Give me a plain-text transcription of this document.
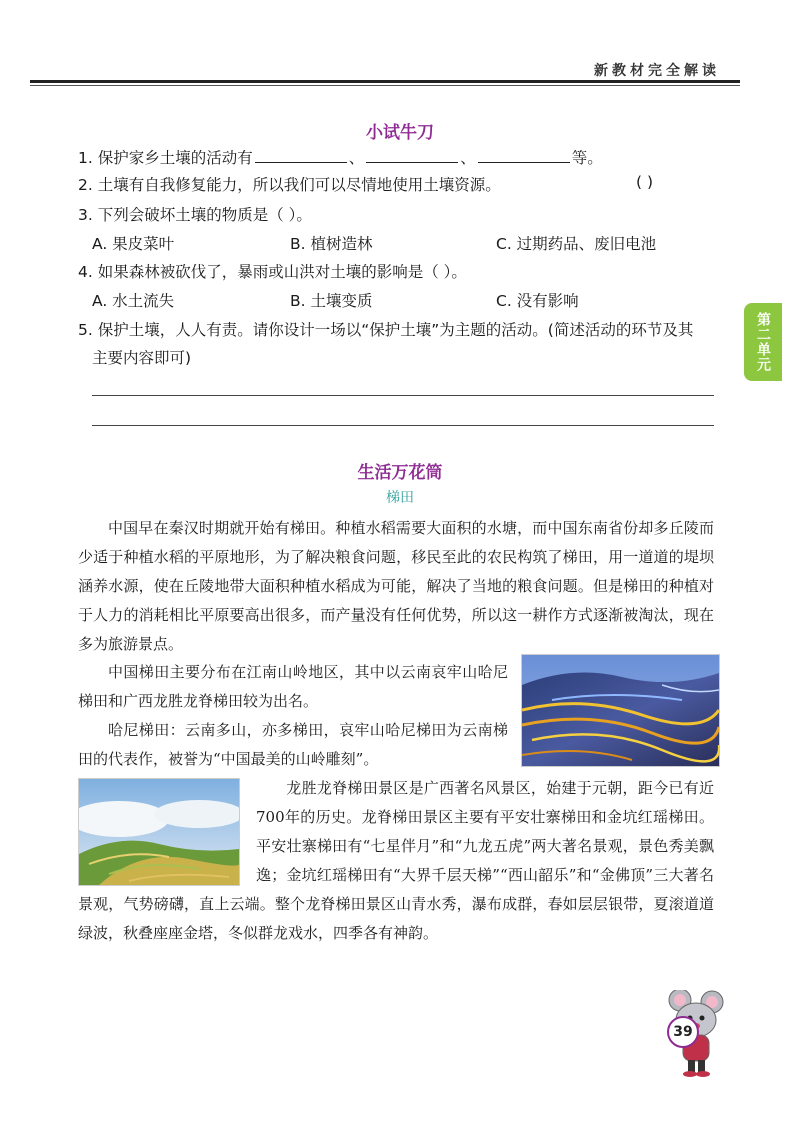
新教材完全解读
第二单元
小试牛刀
1. 保护家乡土壤的活动有	、	、	等。
2. 土壤有自我修复能力，所以我们可以尽情地使用土壤资源。	( )
3. 下列会破坏土壤的物质是（ ）。
A. 果皮菜叶	B. 植树造林	C. 过期药品、废旧电池
4. 如果森林被砍伐了，暴雨或山洪对土壤的影响是（ ）。
A. 水土流失	B. 土壤变质	C. 没有影响
5. 保护土壤，人人有责。请你设计一场以“保护土壤”为主题的活动。(简述活动的环节及其
主要内容即可)
生活万花筒
梯田

中国早在秦汉时期就开始有梯田。种植水稻需要大面积的水塘，而中国东南省份却多丘陵而少适于种植水稻的平原地形，为了解决粮食问题，移民至此的农民构筑了梯田，用一道道的堤坝涵养水源，使在丘陵地带大面积种植水稻成为可能，解决了当地的粮食问题。但是梯田的种植对于人力的消耗相比平原要高出很多，而产量没有任何优势，所以这一耕作方式逐渐被淘汰，现在多为旅游景点。

中国梯田主要分布在江南山岭地区，其中以云南哀牢山哈尼梯田和广西龙胜龙脊梯田较为出名。

哈尼梯田：云南多山，亦多梯田，哀牢山哈尼梯田为云南梯田的代表作，被誉为“中国最美的山岭雕刻”。

龙胜龙脊梯田景区是广西著名风景区，始建于元朝，距今已有近700年的历史。龙脊梯田景区主要有平安壮寨梯田和金坑红瑶梯田。平安壮寨梯田有“七星伴月”和“九龙五虎”两大著名景观，景色秀美飘逸；金坑红瑶梯田有“大界千层天梯”“西山韶乐”和“金佛顶”三大著名景观，气势磅礴，直上云端。整个龙脊梯田景区山青水秀，瀑布成群，春如层层银带，夏滚道道绿波，秋叠座座金塔，冬似群龙戏水，四季各有神韵。

39
